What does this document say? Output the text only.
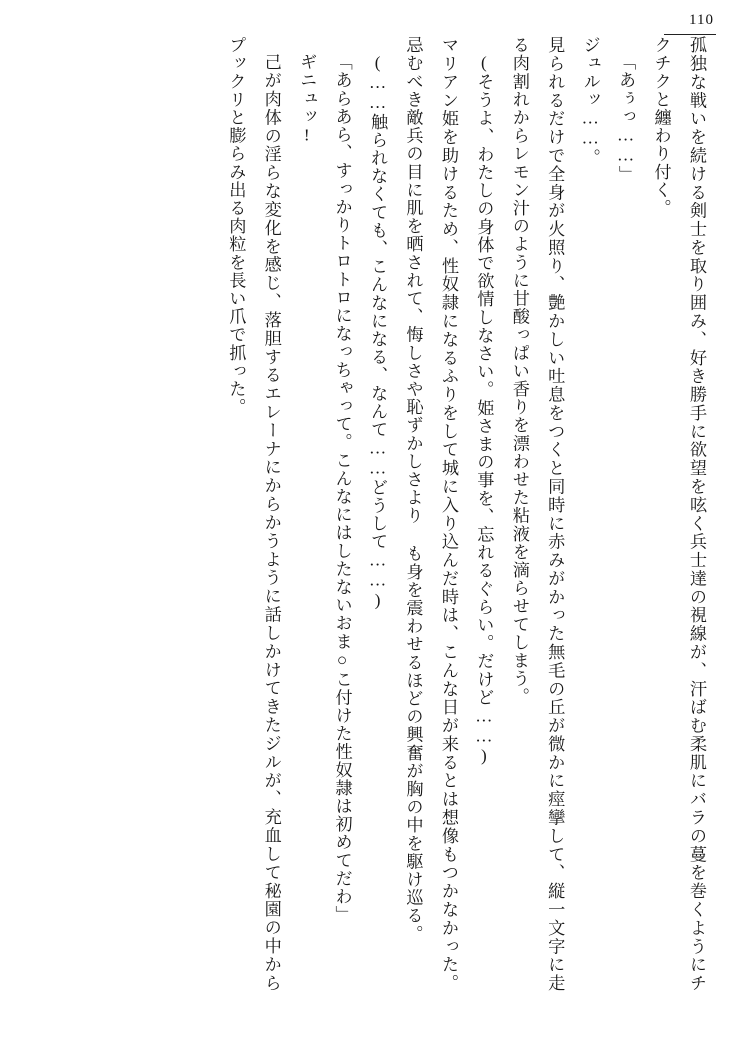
110

孤独な戦いを続ける剣士を取り囲み、好き勝手に欲望を呟く兵士達の視線が、汗ばむ柔肌にバラの蔓を巻くようにチクチクと纏わり付く。

「あぅっ……」

ジュルッ……。

見られるだけで全身が火照り、艶かしい吐息をつくと同時に赤みがかった無毛の丘が微かに痙攣して、縦一文字に走る肉割れからレモン汁のように甘酸っぱい香りを漂わせた粘液を滴らせてしまう。

(そうよ、わたしの身体で欲情しなさい。姫さまの事を、忘れるぐらい。だけど……)

マリアン姫を助けるため、性奴隷になるふりをして城に入り込んだ時は、こんな日が来るとは想像もつかなかった。忌むべき敵兵の目に肌を晒されて、悔しさや恥ずかしさより も身を震わせるほどの興奮が胸の中を駆け巡る。

(……触られなくても、こんなになる、なんて……どうして……)

「あらあら、すっかりトロトロになっちゃって。こんなにはしたないおま○こ付けた性奴隷は初めてだわ」

ギニュッ!

己が肉体の淫らな変化を感じ、落胆するエレーナにからかうように話しかけてきたジルが、充血して秘園の中からプックリと膨らみ出る肉粒を長い爪で抓った。
